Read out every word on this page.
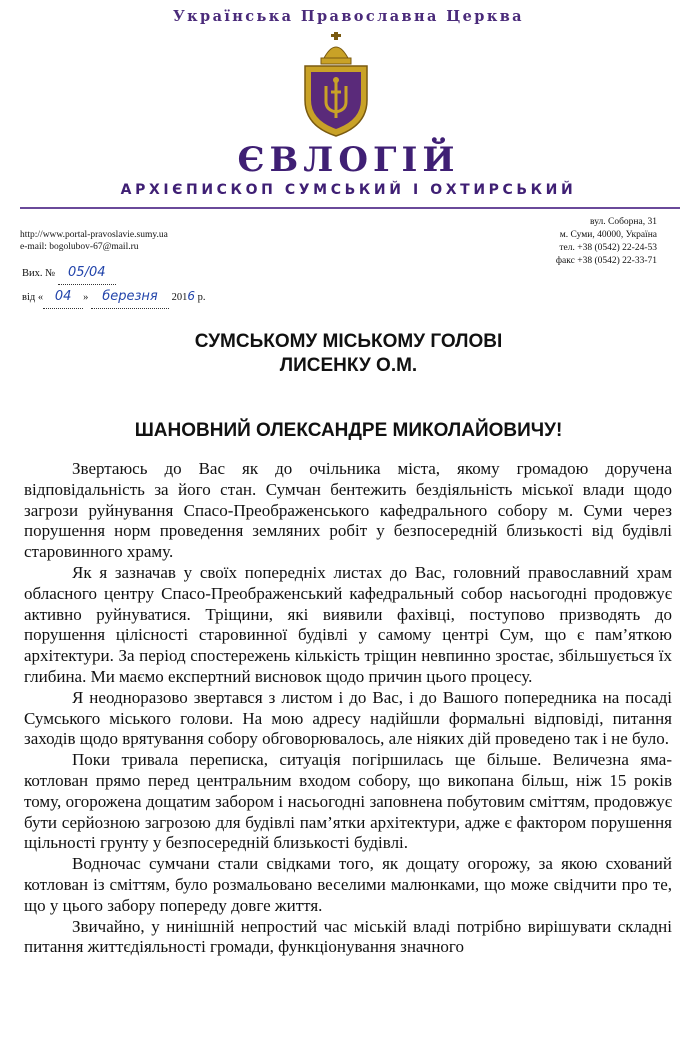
Українська Православна Церква
ЄВЛОГІЙ
АРХІЄПИСКОП СУМСЬКИЙ І ОХТИРСЬКИЙ
http://www.portal-pravoslavie.sumy.ua
e-mail: bogolubov-67@mail.ru
вул. Соборна, 31
м. Суми, 40000, Україна
тел. +38 (0542) 22-24-53
факс +38 (0542) 22-33-71
Вих. № 05/04
від « 04 » березня 2016 р.
СУМСЬКОМУ МІСЬКОМУ ГОЛОВІ
ЛИСЕНКУ О.М.
ШАНОВНИЙ ОЛЕКСАНДРЕ МИКОЛАЙОВИЧУ!

Звертаюсь до Вас як до очільника міста, якому громадою доручена відповідальність за його стан. Сумчан бентежить бездіяльність міської влади щодо загрози руйнування Спасо-Преображенського кафедрального собору м. Суми через порушення норм проведення земляних робіт у безпосередній близькості від будівлі старовинного храму.

Як я зазначав у своїх попередніх листах до Вас, головний православний храм обласного центру Спасо-Преображенський кафедральный собор насьогодні продовжує активно руйнуватися. Тріщини, які виявили фахівці, поступово призводять до порушення цілісності старовинної будівлі у самому центрі Сум, що є пам’яткою архітектури. За період спостережень кількість тріщин невпинно зростає, збільшується їх глибина. Ми маємо експертний висновок щодо причин цього процесу.

Я неодноразово звертався з листом і до Вас, і до Вашого попередника на посаді Сумського міського голови. На мою адресу надійшли формальні відповіді, питання заходів щодо врятування собору обговорювалось, але ніяких дій проведено так і не було.

Поки тривала переписка, ситуація погіршилась ще більше. Величезна яма-котлован прямо перед центральним входом собору, що викопана більш, ніж 15 років тому, огорожена дощатим забором і насьогодні заповнена побутовим сміттям, продовжує бути серйозною загрозою для будівлі пам’ятки архітектури, адже є фактором порушення щільності грунту у безпосередній близькості будівлі.

Водночас сумчани стали свідками того, як дощату огорожу, за якою схований котлован із сміттям, було розмальовано веселими малюнками, що може свідчити про те, що у цього забору попереду довге життя.

Звичайно, у нинішній непростий час міській владі потрібно вирішувати складні питання життєдіяльності громади, функціонування значного
